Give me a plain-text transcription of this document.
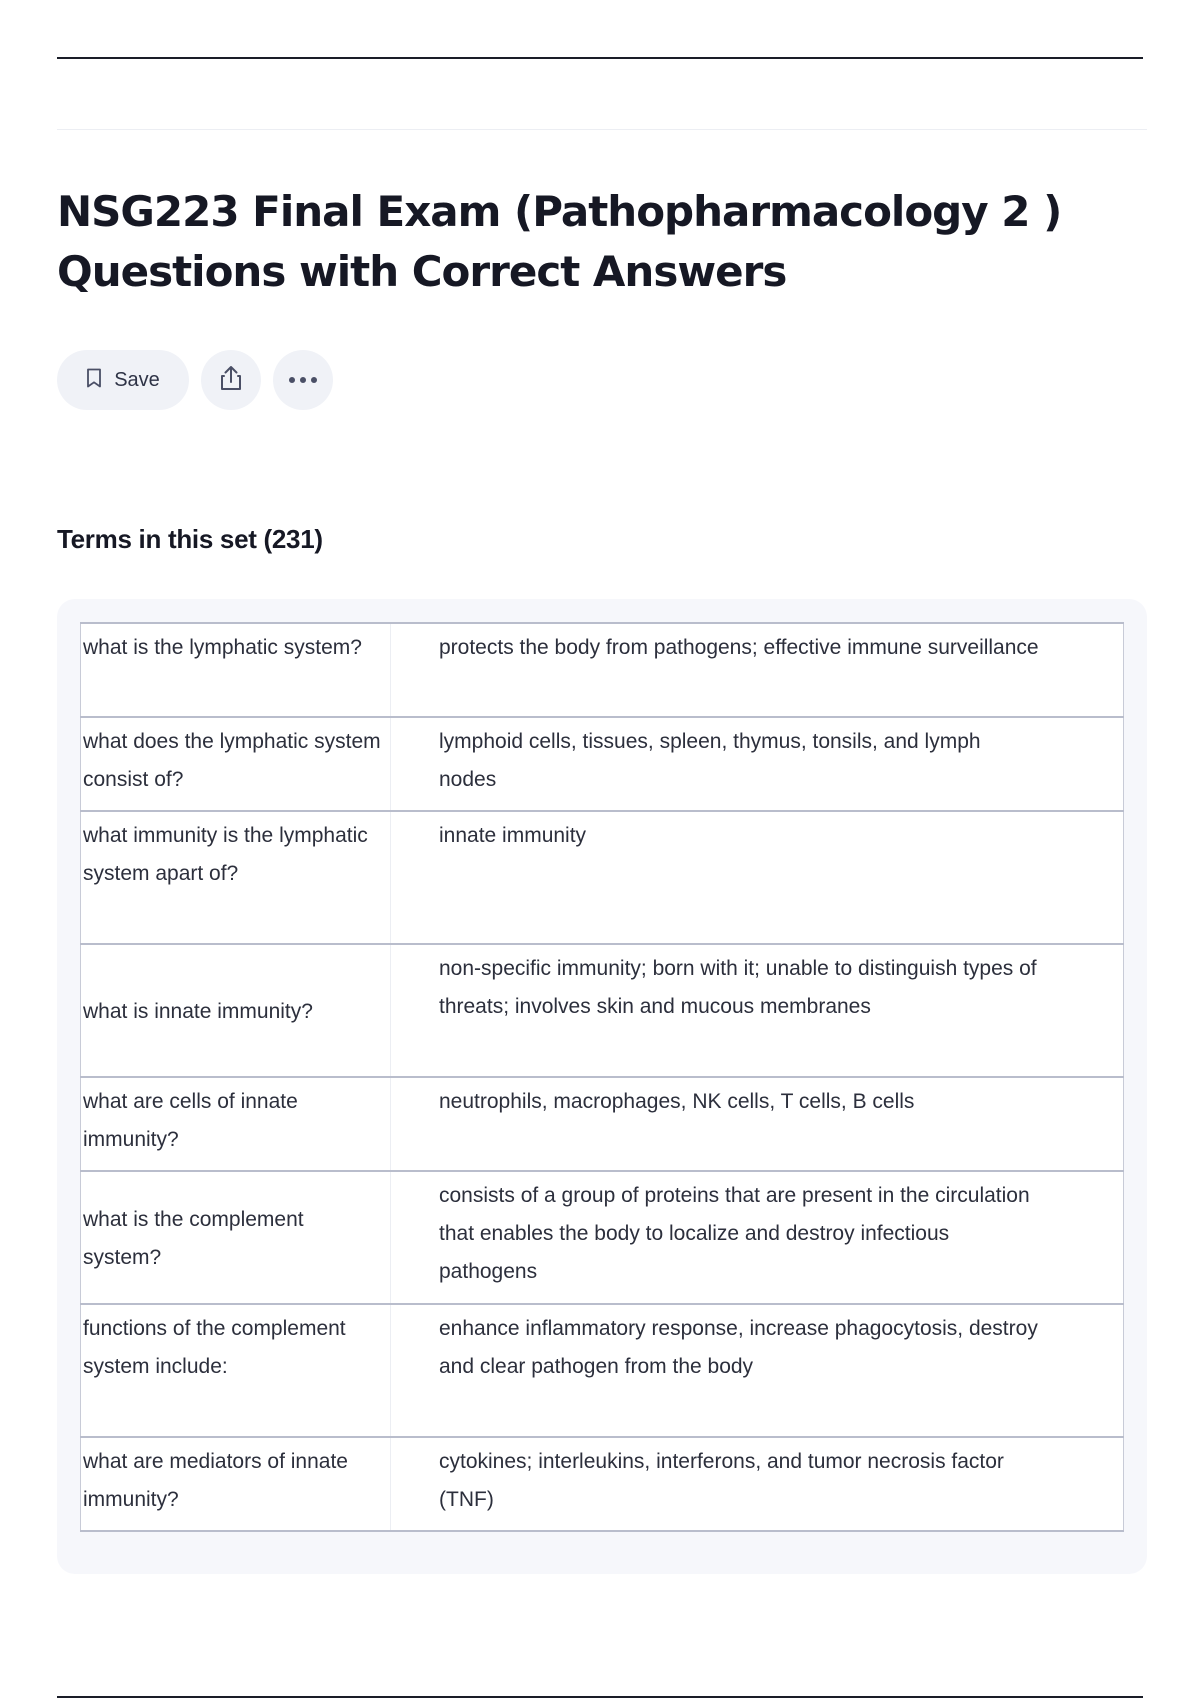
NSG223 Final Exam (Pathopharmacology 2 )
Questions with Correct Answers
Save
Terms in this set (231)
what is the lymphatic system?	protects the body from pathogens; effective immune surveillance
what does the lymphatic system consist of?	lymphoid cells, tissues, spleen, thymus, tonsils, and lymph nodes
what immunity is the lymphatic system apart of?	innate immunity
what is innate immunity?	non-specific immunity; born with it; unable to distinguish types of threats; involves skin and mucous membranes
what are cells of innate immunity?	neutrophils, macrophages, NK cells, T cells, B cells
what is the complement system?	consists of a group of proteins that are present in the circulation that enables the body to localize and destroy infectious pathogens
functions of the complement system include:	enhance inflammatory response, increase phagocytosis, destroy and clear pathogen from the body
what are mediators of innate immunity?	cytokines; interleukins, interferons, and tumor necrosis factor (TNF)
